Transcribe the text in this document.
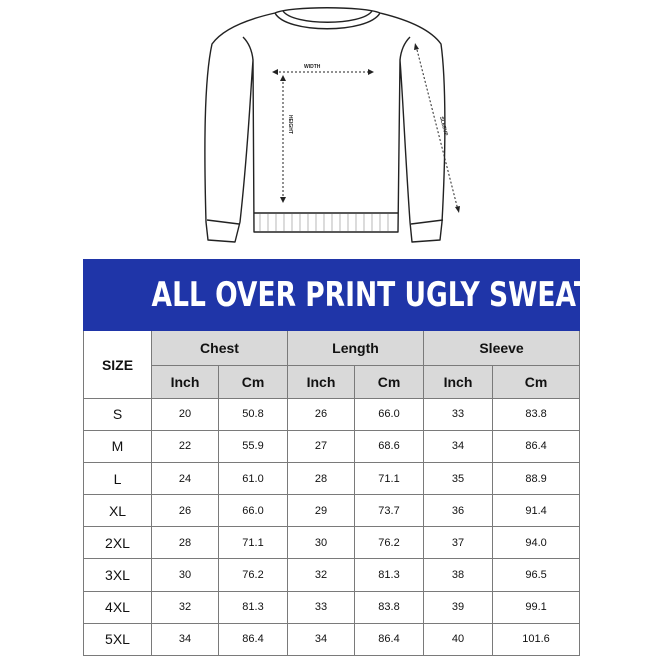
WIDTH
HEIGHT	SLEEVE
ALL OVER PRINT UGLY SWEATER						
SIZE	Chest		Length		Sleeve	
	Inch	Cm	Inch	Cm	Inch	Cm
S	20	50.8	26	66.0	33	83.8
M	22	55.9	27	68.6	34	86.4
L	24	61.0	28	71.1	35	88.9
XL	26	66.0	29	73.7	36	91.4
2XL	28	71.1	30	76.2	37	94.0
3XL	30	76.2	32	81.3	38	96.5
4XL	32	81.3	33	83.8	39	99.1
5XL	34	86.4	34	86.4	40	101.6
